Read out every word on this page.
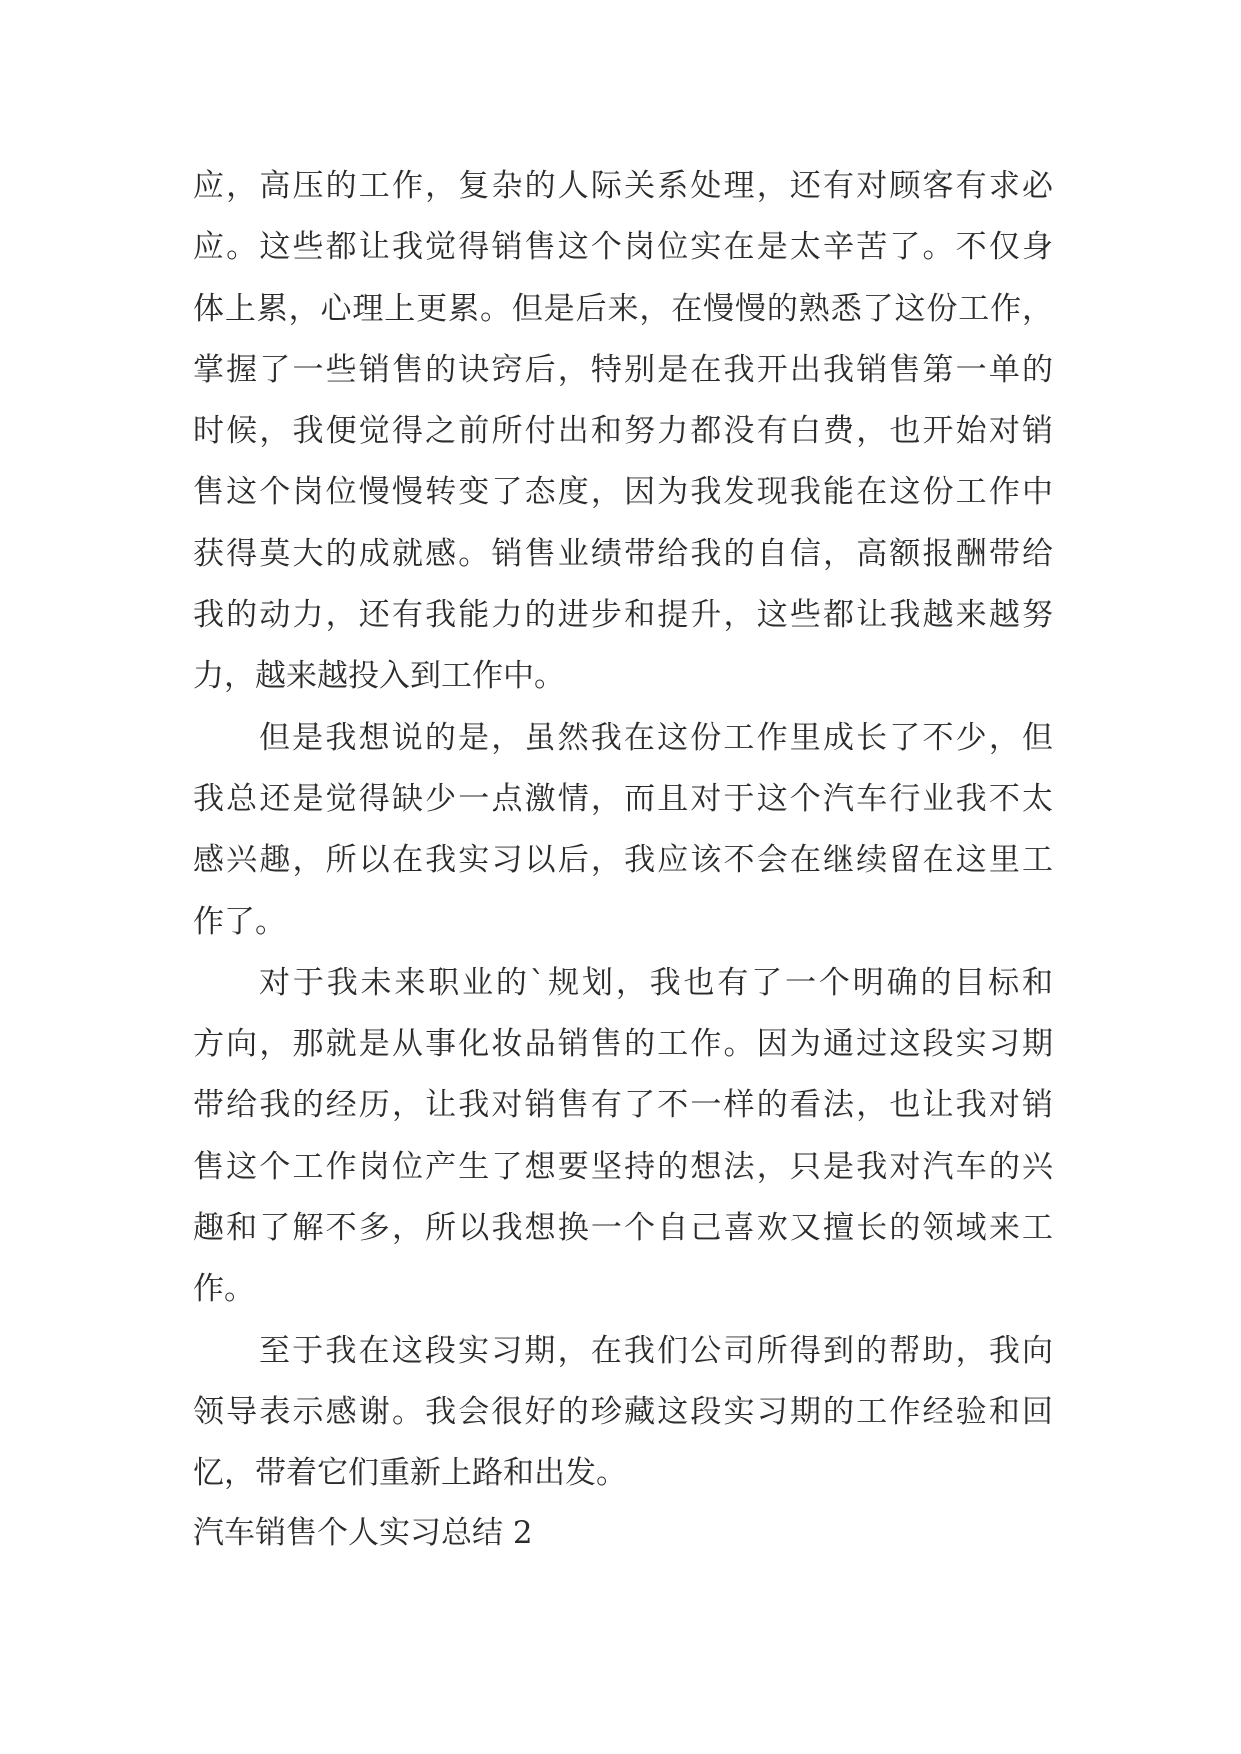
应，高压的工作，复杂的人际关系处理，还有对顾客有求必
应。这些都让我觉得销售这个岗位实在是太辛苦了。不仅身
体上累，心理上更累。但是后来，在慢慢的熟悉了这份工作，
掌握了一些销售的诀窍后，特别是在我开出我销售第一单的
时候，我便觉得之前所付出和努力都没有白费，也开始对销
售这个岗位慢慢转变了态度，因为我发现我能在这份工作中
获得莫大的成就感。销售业绩带给我的自信，高额报酬带给
我的动力，还有我能力的进步和提升，这些都让我越来越努
力，越来越投入到工作中。
但是我想说的是，虽然我在这份工作里成长了不少，但
我总还是觉得缺少一点激情，而且对于这个汽车行业我不太
感兴趣，所以在我实习以后，我应该不会在继续留在这里工
作了。
对于我未来职业的`规划，我也有了一个明确的目标和
方向，那就是从事化妆品销售的工作。因为通过这段实习期
带给我的经历，让我对销售有了不一样的看法，也让我对销
售这个工作岗位产生了想要坚持的想法，只是我对汽车的兴
趣和了解不多，所以我想换一个自己喜欢又擅长的领域来工
作。
至于我在这段实习期，在我们公司所得到的帮助，我向
领导表示感谢。我会很好的珍藏这段实习期的工作经验和回
忆，带着它们重新上路和出发。
汽车销售个人实习总结 2
